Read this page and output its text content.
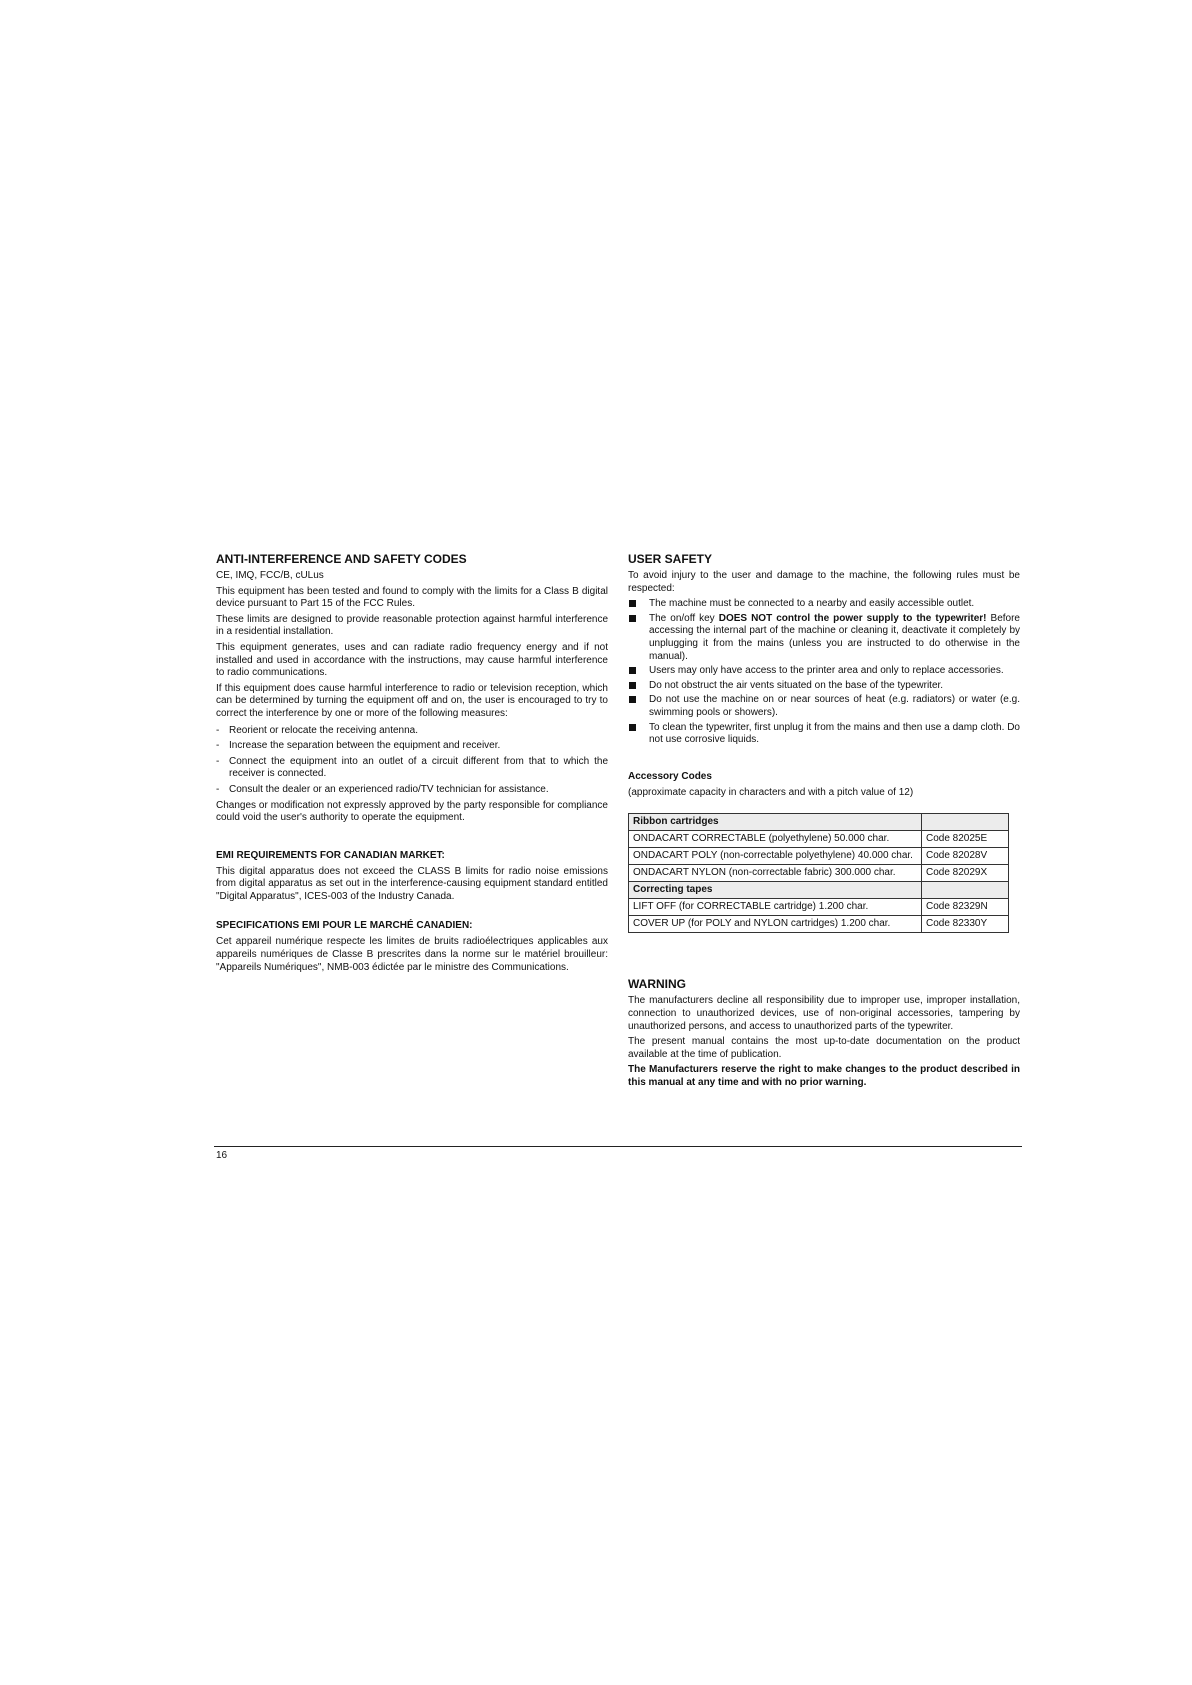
ANTI-INTERFERENCE AND SAFETY CODES

CE, IMQ, FCC/B, cULus

This equipment has been tested and found to comply with the limits for a Class B digital device pursuant to Part 15 of the FCC Rules.

These limits are designed to provide reasonable protection against harmful interference in a residential installation.

This equipment generates, uses and can radiate radio frequency energy and if not installed and used in accordance with the instructions, may cause harmful interference to radio communications.

If this equipment does cause harmful interference to radio or television reception, which can be determined by turning the equipment off and on, the user is encouraged to try to correct the interference by one or more of the following measures:

- Reorient or relocate the receiving antenna.
- Increase the separation between the equipment and receiver.
- Connect the equipment into an outlet of a circuit different from that to which the receiver is connected.
- Consult the dealer or an experienced radio/TV technician for assistance.

Changes or modification not expressly approved by the party responsible for compliance could void the user's authority to operate the equipment.

EMI REQUIREMENTS FOR CANADIAN MARKET:

This digital apparatus does not exceed the CLASS B limits for radio noise emissions from digital apparatus as set out in the interference-causing equipment standard entitled "Digital Apparatus", ICES-003 of the Industry Canada.

SPECIFICATIONS EMI POUR LE MARCHÉ CANADIEN:

Cet appareil numérique respecte les limites de bruits radioélectriques applicables aux appareils numériques de Classe B prescrites dans la norme sur le matériel brouilleur: "Appareils Numériques", NMB-003 édictée par le ministre des Communications.

USER SAFETY

To avoid injury to the user and damage to the machine, the following rules must be respected:

The machine must be connected to a nearby and easily accessible outlet.
The on/off key DOES NOT control the power supply to the typewriter! Before accessing the internal part of the machine or cleaning it, deactivate it completely by unplugging it from the mains (unless you are instructed to do otherwise in the manual).
Users may only have access to the printer area and only to replace accessories.
Do not obstruct the air vents situated on the base of the typewriter.
Do not use the machine on or near sources of heat (e.g. radiators) or water (e.g. swimming pools or showers).
To clean the typewriter, first unplug it from the mains and then use a damp cloth. Do not use corrosive liquids.
Accessory Codes

(approximate capacity in characters and with a pitch value of 12)

Ribbon cartridges	
ONDACART CORRECTABLE (polyethylene) 50.000 char.	Code 82025E
ONDACART POLY (non-correctable polyethylene) 40.000 char.	Code 82028V
ONDACART NYLON (non-correctable fabric) 300.000 char.	Code 82029X
Correcting tapes	
LIFT OFF (for CORRECTABLE cartridge) 1.200 char.	Code 82329N
COVER UP (for POLY and NYLON cartridges) 1.200 char.	Code 82330Y
WARNING

The manufacturers decline all responsibility due to improper use, improper installation, connection to unauthorized devices, use of non-original accessories, tampering by unauthorized persons, and access to unauthorized parts of the typewriter.

The present manual contains the most up-to-date documentation on the product available at the time of publication.

The Manufacturers reserve the right to make changes to the product described in this manual at any time and with no prior warning.

16
